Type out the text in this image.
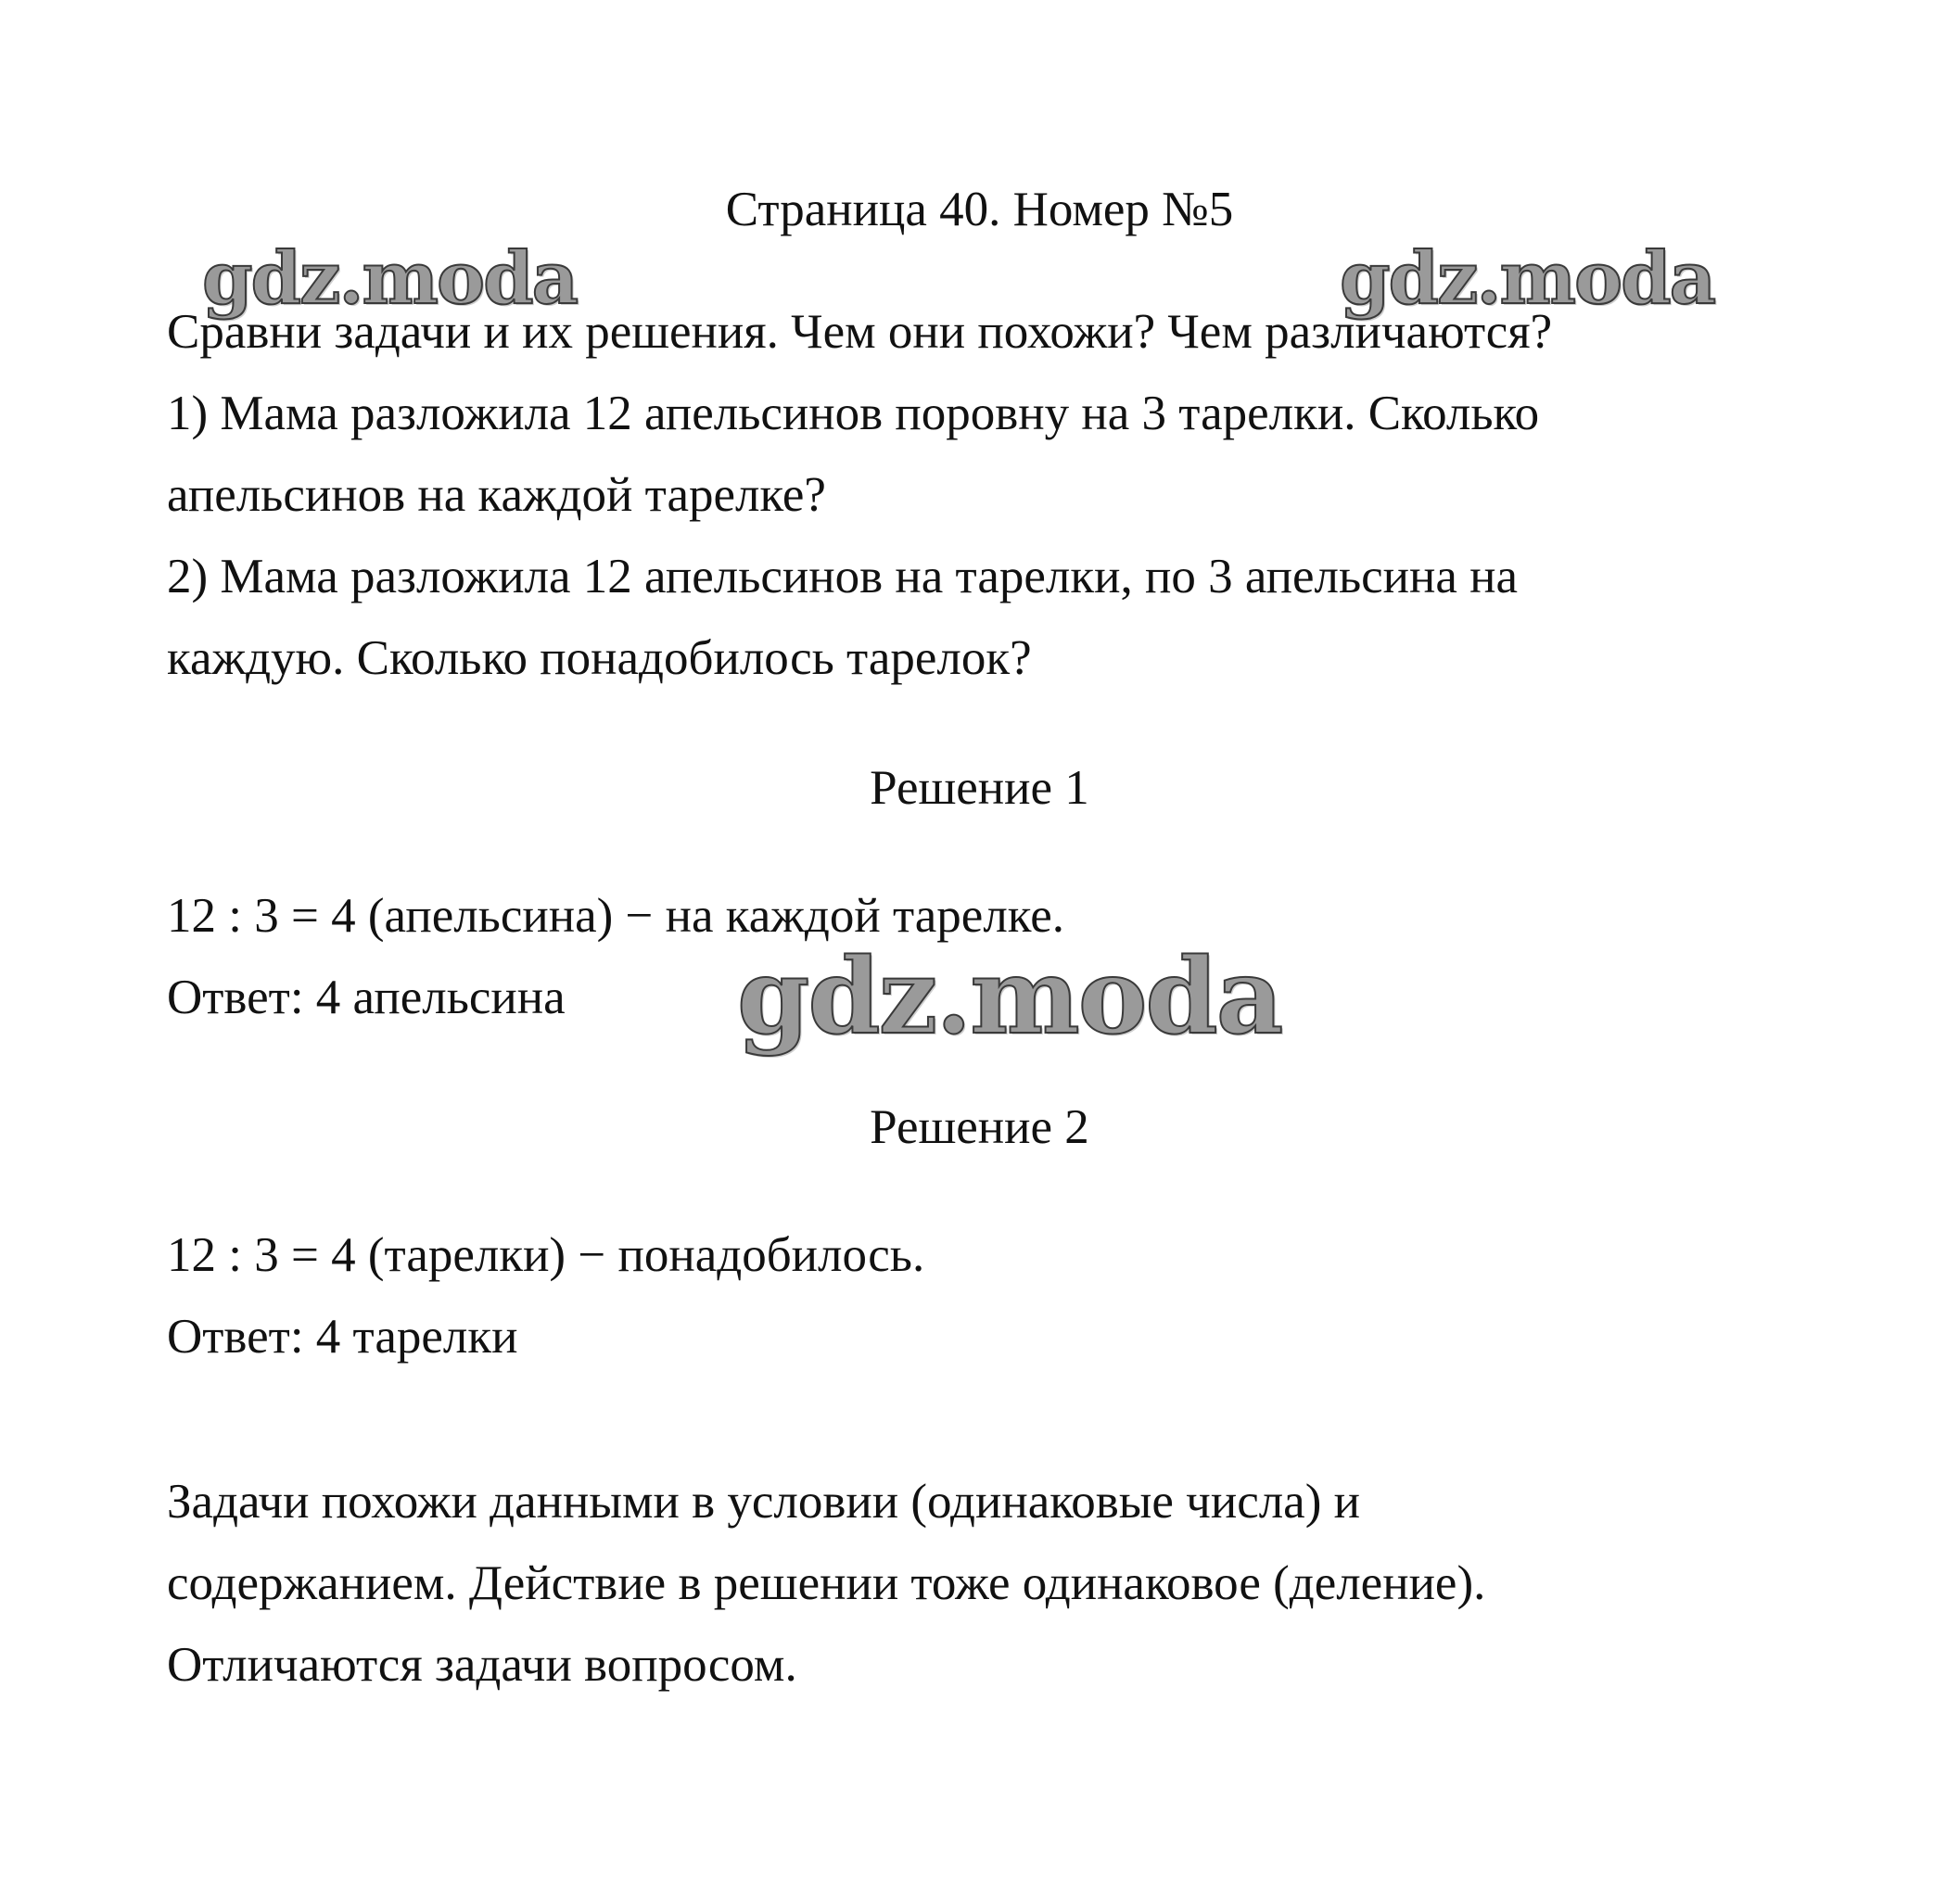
gdz.moda	gdz.moda
gdz.moda
Страница 40. Номер №5
Сравни задачи и их решения. Чем они похожи? Чем различаются?
1) Мама разложила 12 апельсинов поровну на 3 тарелки. Сколько
апельсинов на каждой тарелке?
2) Мама разложила 12 апельсинов на тарелки, по 3 апельсина на
каждую. Сколько понадобилось тарелок?
Решение 1
12 : 3 = 4 (апельсина) − на каждой тарелке.
Ответ: 4 апельсина
Решение 2
12 : 3 = 4 (тарелки) − понадобилось.
Ответ: 4 тарелки
Задачи похожи данными в условии (одинаковые числа) и
содержанием. Действие в решении тоже одинаковое (деление).
Отличаются задачи вопросом.
